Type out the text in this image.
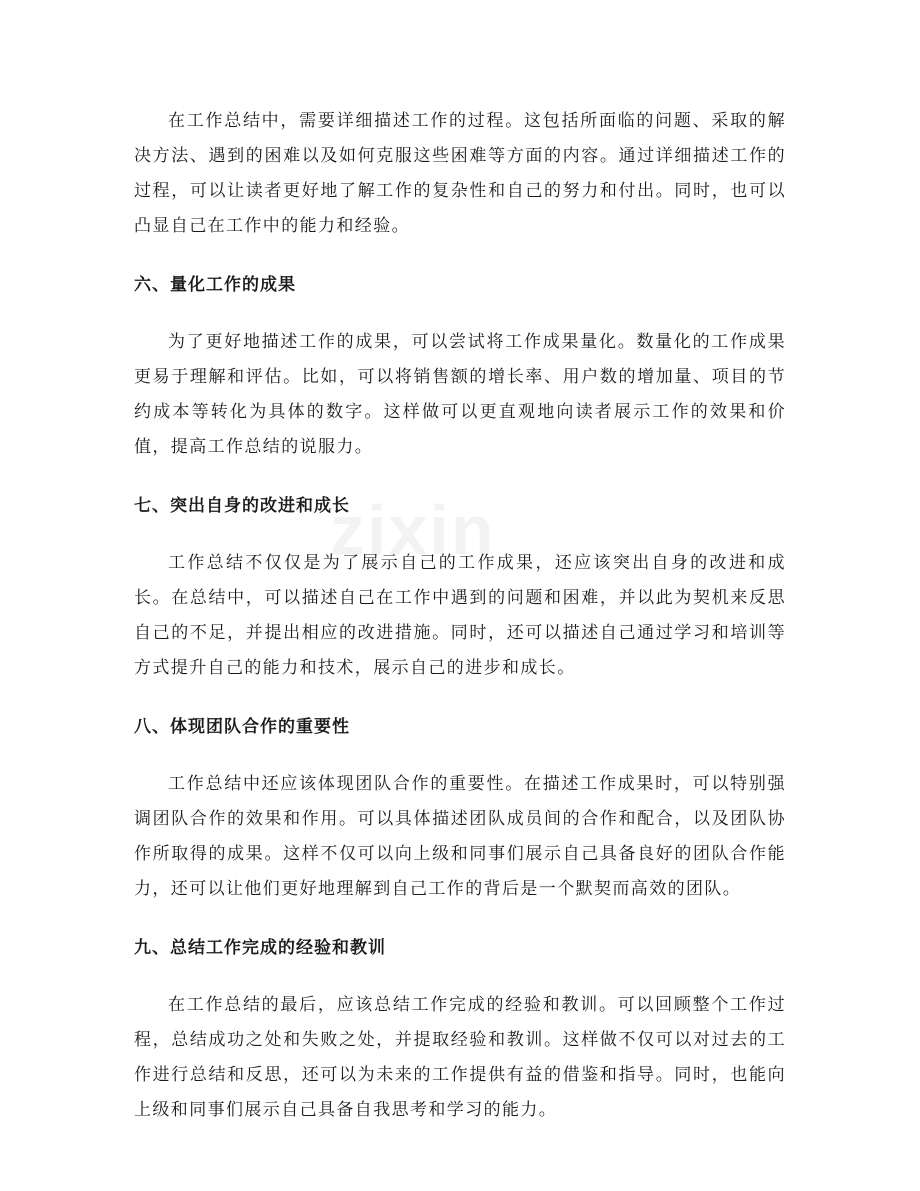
zixin

在工作总结中，需要详细描述工作的过程。这包括所面临的问题、采取的解决方法、遇到的困难以及如何克服这些困难等方面的内容。通过详细描述工作的过程，可以让读者更好地了解工作的复杂性和自己的努力和付出。同时，也可以凸显自己在工作中的能力和经验。

六、量化工作的成果

为了更好地描述工作的成果，可以尝试将工作成果量化。数量化的工作成果更易于理解和评估。比如，可以将销售额的增长率、用户数的增加量、项目的节约成本等转化为具体的数字。这样做可以更直观地向读者展示工作的效果和价值，提高工作总结的说服力。

七、突出自身的改进和成长

工作总结不仅仅是为了展示自己的工作成果，还应该突出自身的改进和成长。在总结中，可以描述自己在工作中遇到的问题和困难，并以此为契机来反思自己的不足，并提出相应的改进措施。同时，还可以描述自己通过学习和培训等方式提升自己的能力和技术，展示自己的进步和成长。

八、体现团队合作的重要性

工作总结中还应该体现团队合作的重要性。在描述工作成果时，可以特别强调团队合作的效果和作用。可以具体描述团队成员间的合作和配合，以及团队协作所取得的成果。这样不仅可以向上级和同事们展示自己具备良好的团队合作能力，还可以让他们更好地理解到自己工作的背后是一个默契而高效的团队。

九、总结工作完成的经验和教训

在工作总结的最后，应该总结工作完成的经验和教训。可以回顾整个工作过程，总结成功之处和失败之处，并提取经验和教训。这样做不仅可以对过去的工作进行总结和反思，还可以为未来的工作提供有益的借鉴和指导。同时，也能向上级和同事们展示自己具备自我思考和学习的能力。
